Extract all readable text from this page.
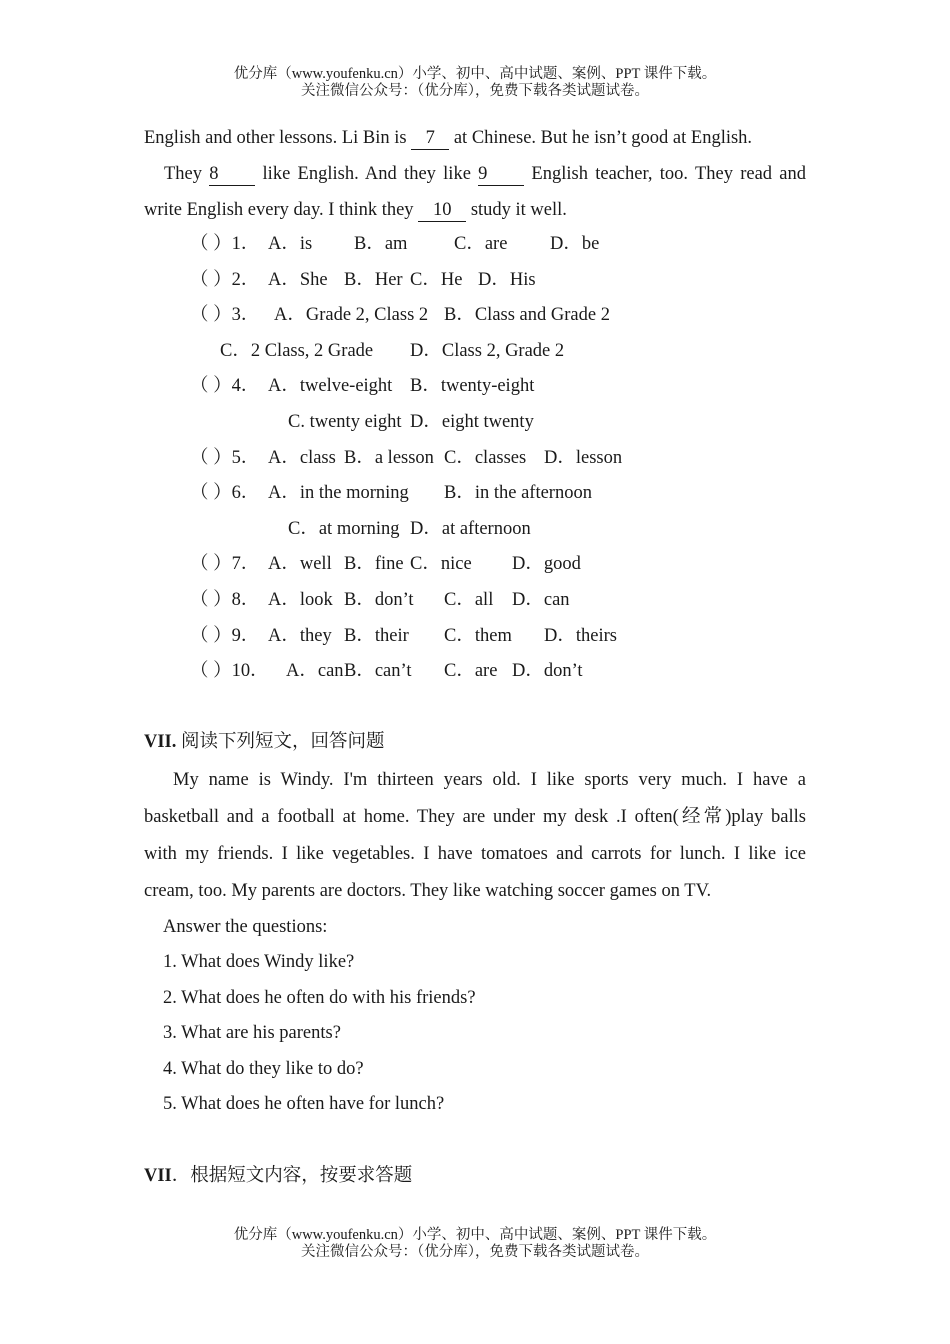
优分库（www.youfenku.cn）小学、初中、高中试题、案例、PPT 课件下载。
关注微信公众号：（优分库），免费下载各类试题试卷。
English and other lessons. Li Bin is 7 at Chinese. But he isn’t good at English.
They 8 like English. And they like 9 English teacher, too. They read and
write English every day. I think they 10 study it well.
（ ）1． A．is B．am	C．are D．be
（ ）2． A．She B．Her C．He D．His
（ ）3． A．Grade 2, Class 2 B．Class and Grade 2
C．2 Class, 2 Grade D．Class 2, Grade 2
（ ）4． A．twelve-eight B．twenty-eight
C. twenty eight D．eight twenty
（ ）5． A．class B．a lesson C．classes D．lesson
（ ）6． A．in the morning B．in the afternoon
C．at morning D．at afternoon
（ ）7． A．well B．fine C．nice D．good
（ ）8． A．look B．don’t C．all D．can
（ ）9． A．they B．their C．them D．theirs
（ ）10． A．can B．can’t C．are D．don’t
VII. 阅读下列短文，回答问题
My name is Windy. I'm thirteen years old. I like sports very much. I have a
basketball and a football at home. They are under my desk .I often(经常)play balls
with my friends. I like vegetables. I have tomatoes and carrots for lunch. I like ice
cream, too. My parents are doctors. They like watching soccer games on TV.
Answer the questions:
1. What does Windy like?
2. What does he often do with his friends?
3. What are his parents?
4. What do they like to do?
5. What does he often have for lunch?
VII．根据短文内容，按要求答题
优分库（www.youfenku.cn）小学、初中、高中试题、案例、PPT 课件下载。
关注微信公众号：（优分库），免费下载各类试题试卷。
